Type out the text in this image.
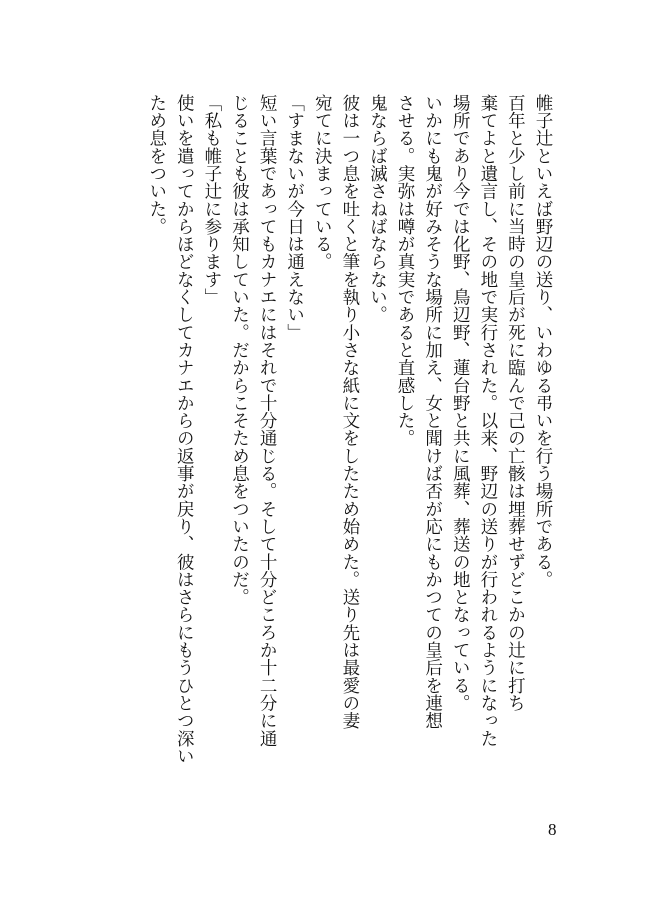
帷子辻といえば野辺の送り、いわゆる弔いを行う場所である。
百年と少し前に当時の皇后が死に臨んで己の亡骸は埋葬せずどこかの辻に打ち
棄てよと遺言し、その地で実行された。以来、野辺の送りが行われるようになった
場所であり今では化野、鳥辺野、蓮台野と共に風葬、葬送の地となっている。
いかにも鬼が好みそうな場所に加え、女と聞けば否が応にもかつての皇后を連想
させる。実弥は噂が真実であると直感した。
鬼ならば滅さねばならない。
彼は一つ息を吐くと筆を執り小さな紙に文をしたため始めた。送り先は最愛の妻
宛てに決まっている。
「すまないが今日は通えない」
短い言葉であってもカナエにはそれで十分通じる。そして十分どころか十二分に通
じることも彼は承知していた。だからこそため息をついたのだ。
「私も帷子辻に参ります」
使いを遣ってからほどなくしてカナエからの返事が戻り、彼はさらにもうひとつ深い
ため息をついた。
8
